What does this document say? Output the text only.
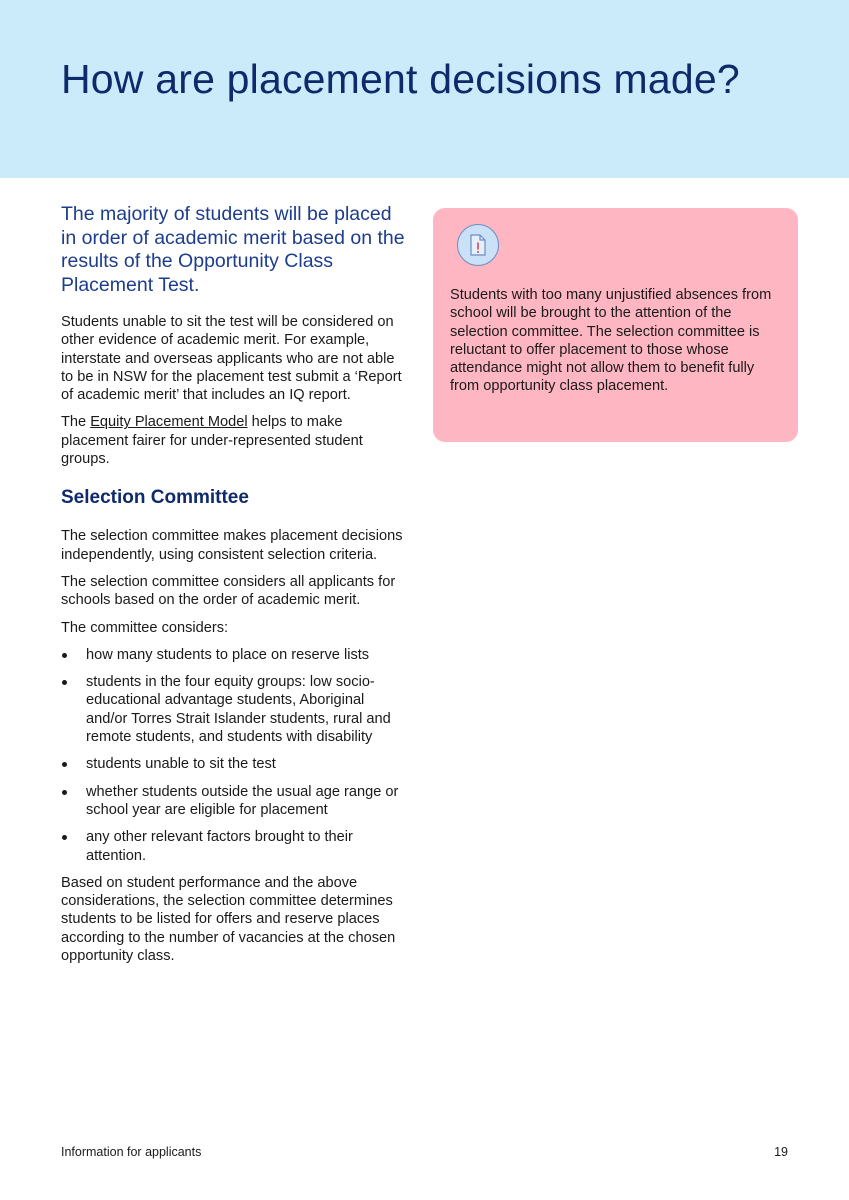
How are placement decisions made?

The majority of students will be placed in order of academic merit based on the results of the Opportunity Class Placement Test.

Students unable to sit the test will be considered on other evidence of academic merit. For example, interstate and overseas applicants who are not able to be in NSW for the placement test submit a ‘Report of academic merit’ that includes an IQ report.

The Equity Placement Model helps to make placement fairer for under-represented student groups.

Selection Committee

The selection committee makes placement decisions independently, using consistent selection criteria.

The selection committee considers all applicants for schools based on the order of academic merit.

The committee considers:

how many students to place on reserve lists
students in the four equity groups: low socio-educational advantage students, Aboriginal and/or Torres Strait Islander students, rural and remote students, and students with disability
students unable to sit the test
whether students outside the usual age range or school year are eligible for placement
any other relevant factors brought to their attention.

Based on student performance and the above considerations, the selection committee determines students to be listed for offers and reserve places according to the number of vacancies at the chosen opportunity class.

Students with too many unjustified absences from school will be brought to the attention of the selection committee. The selection committee is reluctant to offer placement to those whose attendance might not allow them to benefit fully from opportunity class placement.

Information for applicants	19
